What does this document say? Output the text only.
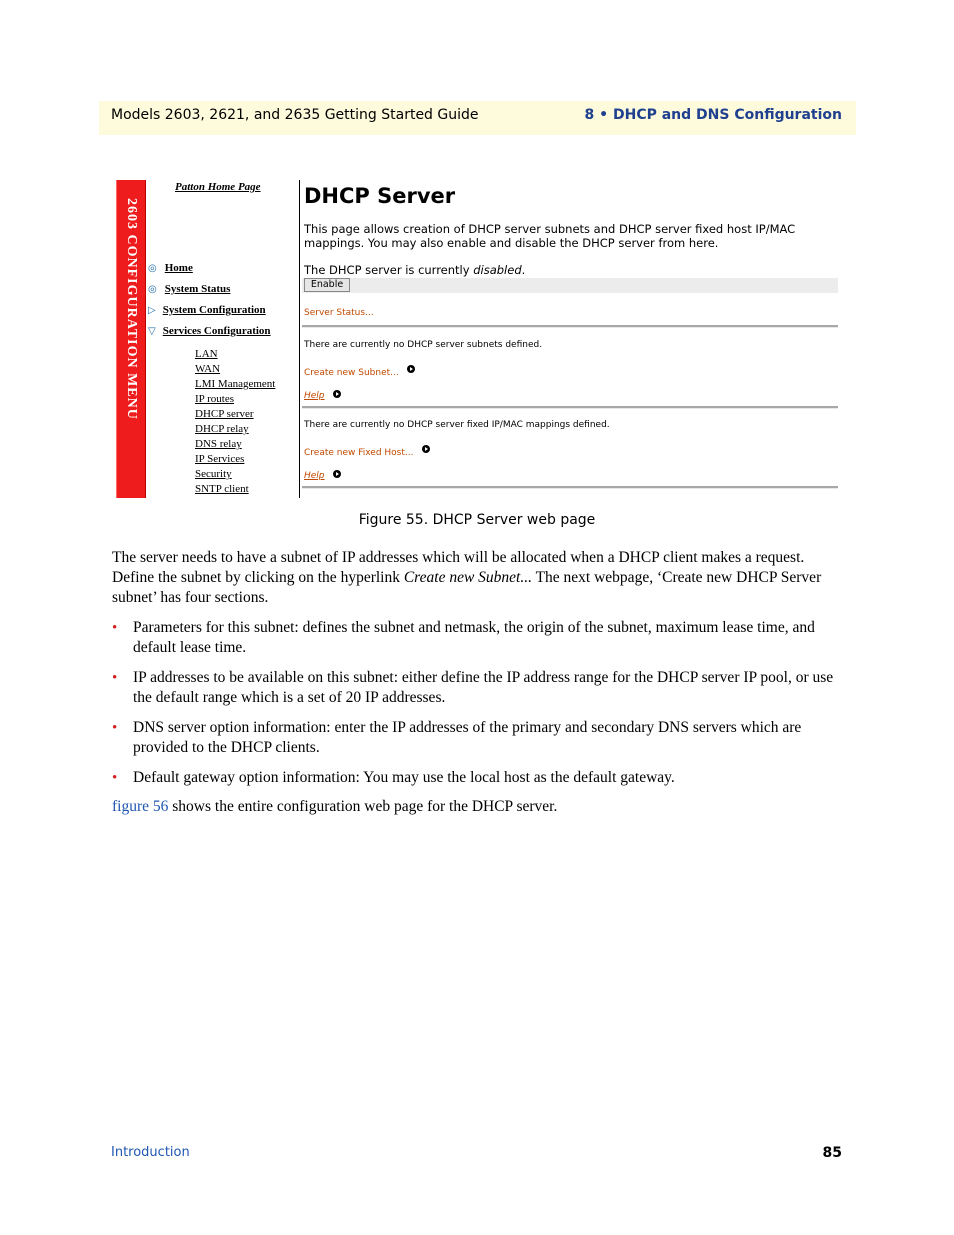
Models 2603, 2621, and 2635 Getting Started Guide	8 • DHCP and DNS Configuration
2603 CONFIGURATION MENU
Patton Home Page
◎ Home
◎ System Status
▷ System Configuration
▽ Services Configuration
LAN
WAN
LMI Management
IP routes
DHCP server
DHCP relay
DNS relay
IP Services
Security
SNTP client
DHCP Server
This page allows creation of DHCP server subnets and DHCP server fixed host IP/MAC mappings. You may also enable and disable the DHCP server from here.
The DHCP server is currently disabled.
Enable
Server Status...
There are currently no DHCP server subnets defined.
Create new Subnet...
Help
There are currently no DHCP server fixed IP/MAC mappings defined.
Create new Fixed Host...
Help
Figure 55. DHCP Server web page
The server needs to have a subnet of IP addresses which will be allocated when a DHCP client makes a request. Define the subnet by clicking on the hyperlink Create new Subnet... The next webpage, ‘Create new DHCP Server subnet’ has four sections.
• Parameters for this subnet: defines the subnet and netmask, the origin of the subnet, maximum lease time, and default lease time.
• IP addresses to be available on this subnet: either define the IP address range for the DHCP server IP pool, or use the default range which is a set of 20 IP addresses.
• DNS server option information: enter the IP addresses of the primary and secondary DNS servers which are provided to the DHCP clients.
• Default gateway option information: You may use the local host as the default gateway.
figure 56 shows the entire configuration web page for the DHCP server.
Introduction	85
